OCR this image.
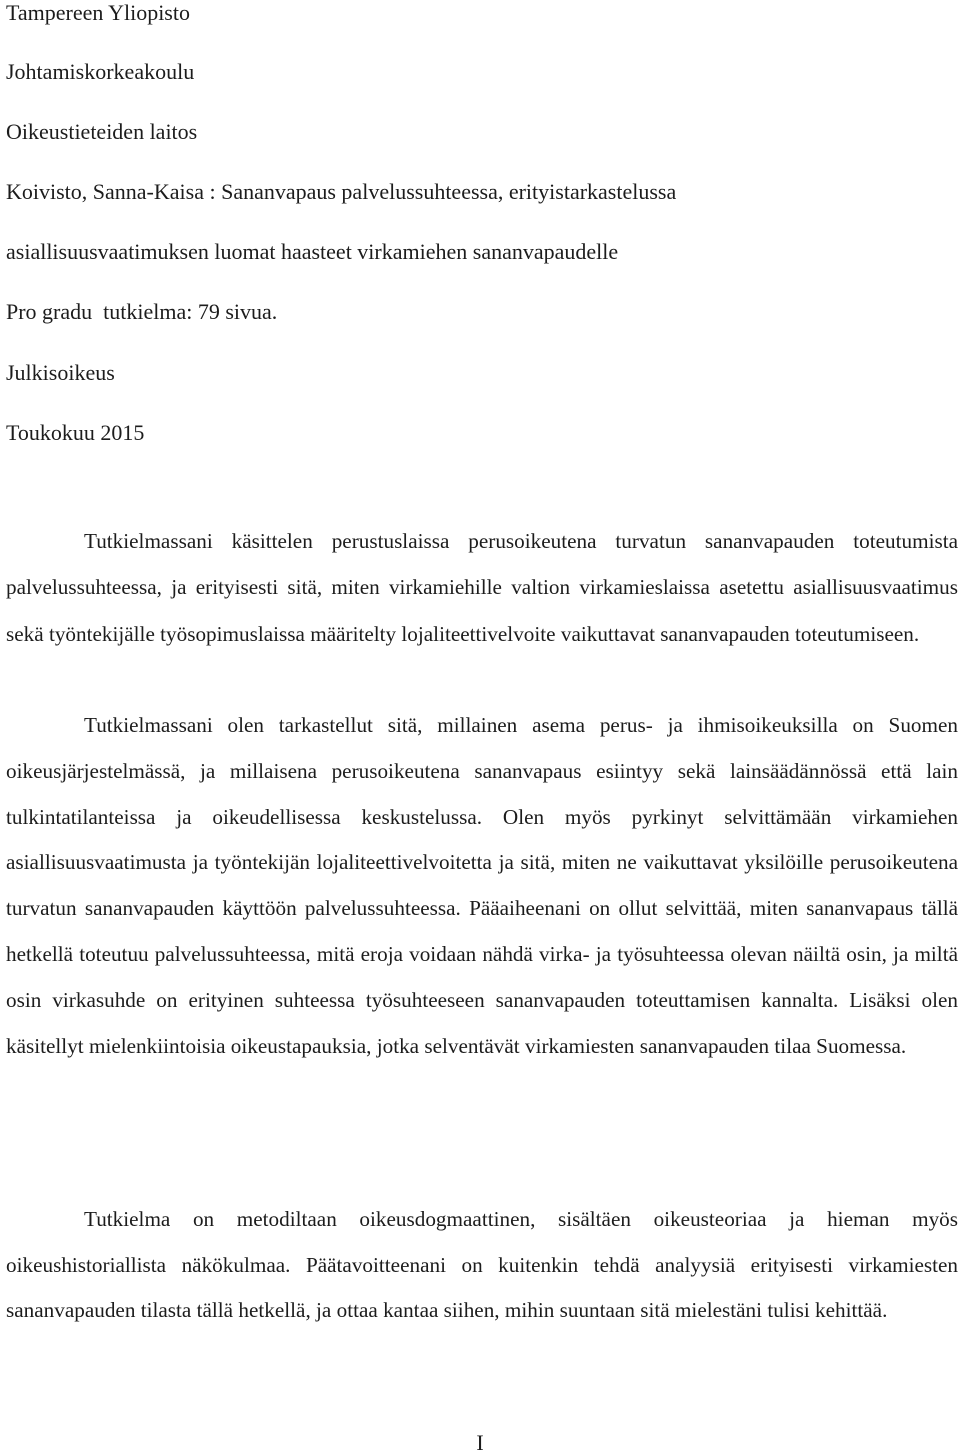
Tampereen Yliopisto
Johtamiskorkeakoulu
Oikeustieteiden laitos
Koivisto, Sanna-Kaisa : Sananvapaus palvelussuhteessa, erityistarkastelussa
asiallisuusvaatimuksen luomat haasteet virkamiehen sananvapaudelle
Pro gradu  tutkielma: 79 sivua.
Julkisoikeus
Toukokuu 2015

Tutkielmassani käsittelen perustuslaissa perusoikeutena turvatun sananvapauden toteutumista palvelussuhteessa, ja erityisesti sitä, miten virkamiehille valtion virkamieslaissa asetettu asiallisuusvaatimus sekä työntekijälle työsopimuslaissa määritelty lojaliteettivelvoite vaikuttavat sananvapauden toteutumiseen.

Tutkielmassani olen tarkastellut sitä, millainen asema perus- ja ihmisoikeuksilla on Suomen oikeusjärjestelmässä, ja millaisena perusoikeutena sananvapaus esiintyy sekä lainsäädännössä että lain tulkintatilanteissa ja oikeudellisessa keskustelussa. Olen myös pyrkinyt selvittämään virkamiehen asiallisuusvaatimusta ja työntekijän lojaliteettivelvoitetta ja sitä, miten ne vaikuttavat yksilöille perusoikeutena turvatun sananvapauden käyttöön palvelussuhteessa. Pääaiheenani on ollut selvittää, miten sananvapaus tällä hetkellä toteutuu palvelussuhteessa, mitä eroja voidaan nähdä virka- ja työsuhteessa olevan näiltä osin, ja miltä osin virkasuhde on erityinen suhteessa työsuhteeseen sananvapauden toteuttamisen kannalta. Lisäksi olen käsitellyt mielenkiintoisia oikeustapauksia, jotka selventävät virkamiesten sananvapauden tilaa Suomessa.

Tutkielma on metodiltaan oikeusdogmaattinen, sisältäen oikeusteoriaa ja hieman myös oikeushistoriallista näkökulmaa. Päätavoitteenani on kuitenkin tehdä analyysiä erityisesti virkamiesten sananvapauden tilasta tällä hetkellä, ja ottaa kantaa siihen, mihin suuntaan sitä mielestäni tulisi kehittää.

I
